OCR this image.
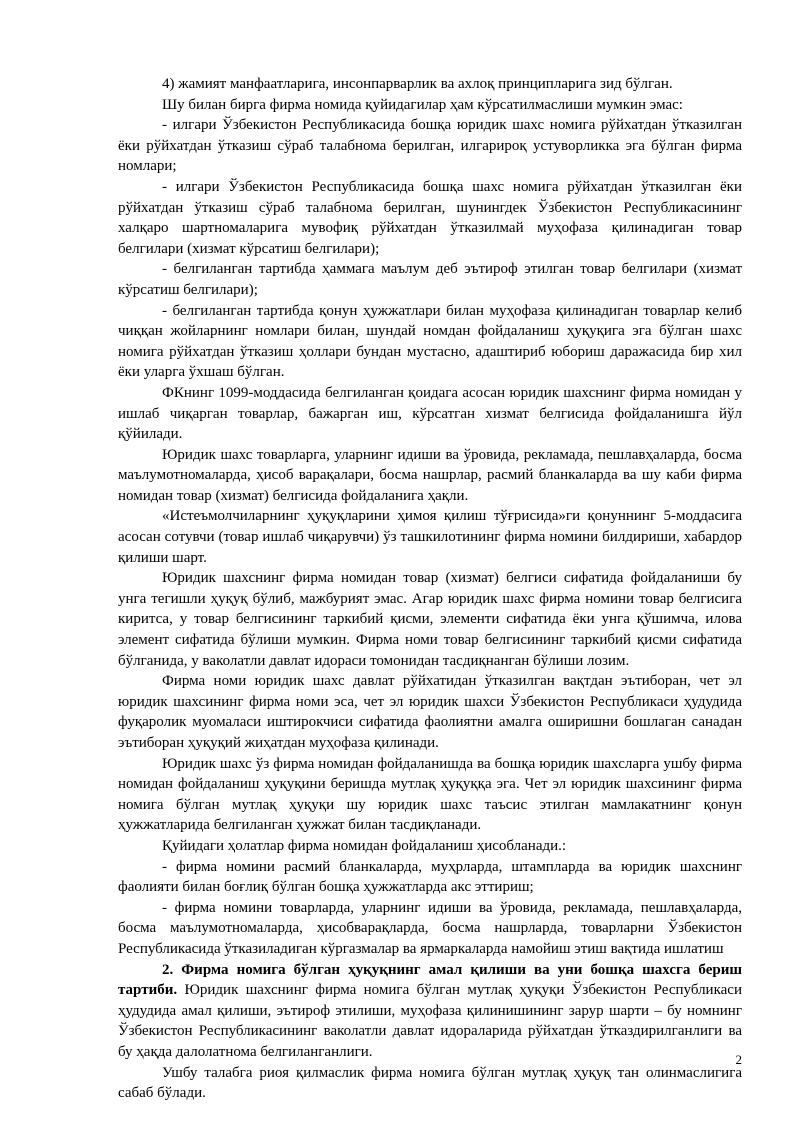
4) жамият манфаатларига, инсонпарварлик ва ахлоқ принципларига зид бўлган.

Шу билан бирга фирма номида қуйидагилар ҳам кўрсатилмаслиши мумкин эмас:

- илгари Ўзбекистон Республикасида бошқа юридик шахс номига рўйхатдан ўтказилган ёки рўйхатдан ўтказиш сўраб талабнома берилган, илгарироқ устуворликка эга бўлган фирма номлари;

- илгари Ўзбекистон Республикасида бошқа шахс номига рўйхатдан ўтказилган ёки рўйхатдан ўтказиш сўраб талабнома берилган, шунингдек Ўзбекистон Республикасининг халқаро шартномаларига мувофиқ рўйхатдан ўтказилмай муҳофаза қилинадиган товар белгилари (хизмат кўрсатиш белгилари);

- белгиланган тартибда ҳаммага маълум деб эътироф этилган товар белгилари (хизмат кўрсатиш белгилари);

- белгиланган тартибда қонун ҳужжатлари билан муҳофаза қилинадиган товарлар келиб чиққан жойларнинг номлари билан, шундай номдан фойдаланиш ҳуқуқига эга бўлган шахс номига рўйхатдан ўтказиш ҳоллари бундан мустасно, адаштириб юбориш даражасида бир хил ёки уларга ўхшаш бўлган.

ФКнинг 1099-моддасида белгиланган қоидага асосан юридик шахснинг фирма номидан у ишлаб чиқарган товарлар, бажарган иш, кўрсатган хизмат белгисида фойдаланишга йўл қўйилади.

Юридик шахс товарларга, уларнинг идиши ва ўровида, рекламада, пешлавҳаларда, босма маълумотномаларда, ҳисоб варақалари, босма нашрлар, расмий бланкаларда ва шу каби фирма номидан товар (хизмат) белгисида фойдаланига ҳақли.

«Истеъмолчиларнинг ҳуқуқларини ҳимоя қилиш тўғрисида»ги қонуннинг 5-моддасига асосан сотувчи (товар ишлаб чиқарувчи) ўз ташкилотининг фирма номини билдириши, хабардор қилиши шарт.

Юридик шахснинг фирма номидан товар (хизмат) белгиси сифатида фойдаланиши бу унга тегишли ҳуқуқ бўлиб, мажбурият эмас. Агар юридик шахс фирма номини товар белгисига киритса, у товар белгисининг таркибий қисми, элементи сифатида ёки унга қўшимча, илова элемент сифатида бўлиши мумкин. Фирма номи товар белгисининг таркибий қисми сифатида бўлганида, у ваколатли давлат идораси томонидан тасдиқнанган бўлиши лозим.

Фирма номи юридик шахс давлат рўйхатидан ўтказилган вақтдан эътиборан, чет эл юридик шахсининг фирма номи эса, чет эл юридик шахси Ўзбекистон Республикаси ҳудудида фуқаролик муомаласи иштирокчиси сифатида фаолиятни амалга оширишни бошлаган санадан эътиборан ҳуқуқий жиҳатдан муҳофаза қилинади.

Юридик шахс ўз фирма номидан фойдаланишда ва бошқа юридик шахсларга ушбу фирма номидан фойдаланиш ҳуқуқини беришда мутлақ ҳуқуққа эга. Чет эл юридик шахсининг фирма номига бўлган мутлақ ҳуқуқи шу юридик шахс таъсис этилган мамлакатнинг қонун ҳужжатларида белгиланган ҳужжат билан тасдиқланади.

Қуйидаги ҳолатлар фирма номидан фойдаланиш ҳисобланади.:

- фирма номини расмий бланкаларда, муҳрларда, штампларда ва юридик шахснинг фаолияти билан боғлиқ бўлган бошқа ҳужжатларда акс эттириш;

- фирма номини товарларда, уларнинг идиши ва ўровида, рекламада, пешлавҳаларда, босма маълумотномаларда, ҳисобварақларда, босма нашрларда, товарларни Ўзбекистон Республикасида ўтказиладиган кўргазмалар ва ярмаркаларда намойиш этиш вақтида ишлатиш

2. Фирма номига бўлган ҳуқуқнинг амал қилиши ва уни бошқа шахсга бериш тартиби. Юридик шахснинг фирма номига бўлган мутлақ ҳуқуқи Ўзбекистон Республикаси ҳудудида амал қилиши, эътироф этилиши, муҳофаза қилинишининг зарур шарти – бу номнинг Ўзбекистон Республикасининг ваколатли давлат идораларида рўйхатдан ўтказдирилганлиги ва бу ҳақда далолатнома белгиланганлиги.

Ушбу талабга риоя қилмаслик фирма номига бўлган мутлақ ҳуқуқ тан олинмаслигига сабаб бўлади.

2
